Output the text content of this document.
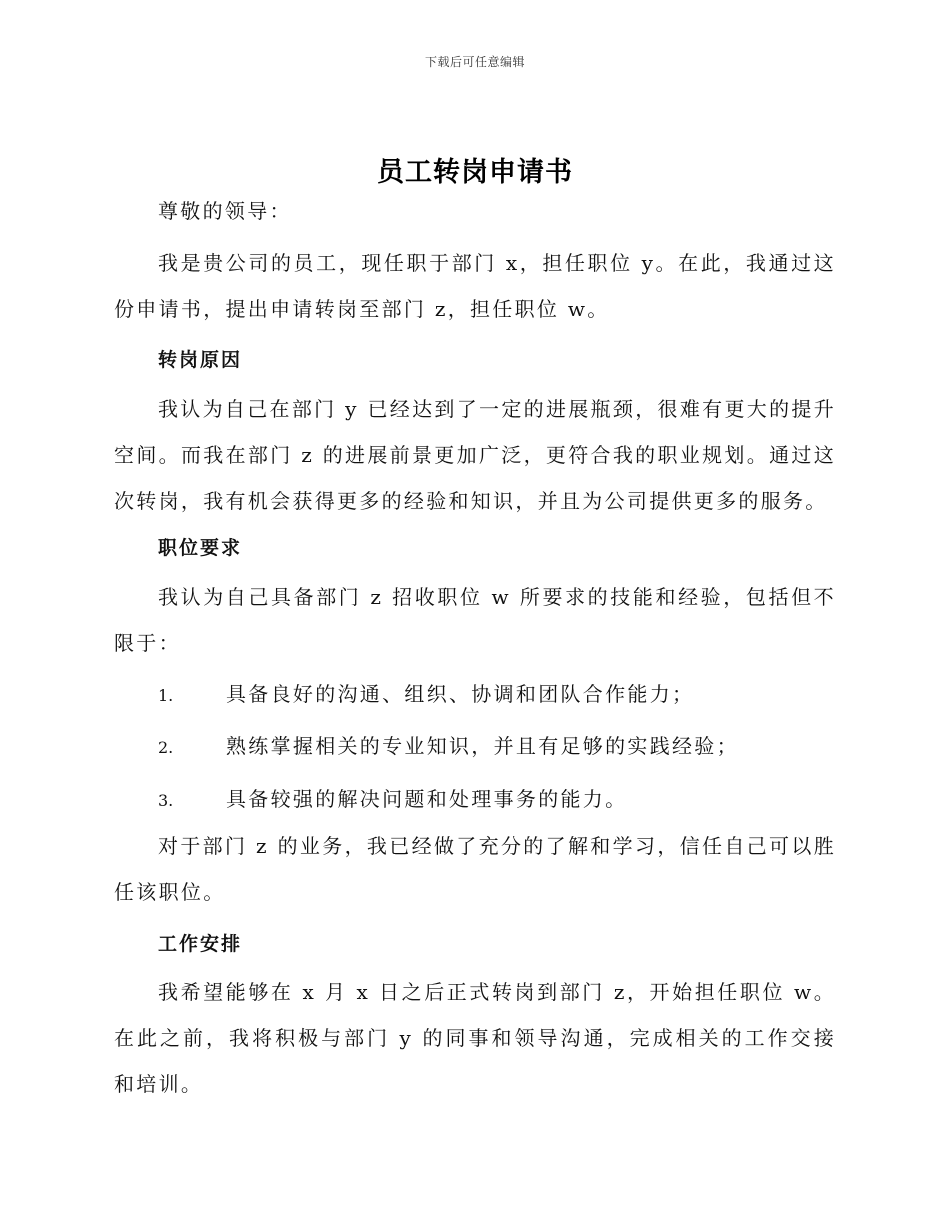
下载后可任意编辑
员工转岗申请书

尊敬的领导：

我是贵公司的员工，现任职于部门 x，担任职位 y。在此，我通过这份申请书，提出申请转岗至部门 z，担任职位 w。

转岗原因

我认为自己在部门 y 已经达到了一定的进展瓶颈，很难有更大的提升空间。而我在部门 z 的进展前景更加广泛，更符合我的职业规划。通过这次转岗，我有机会获得更多的经验和知识，并且为公司提供更多的服务。

职位要求

我认为自己具备部门 z 招收职位 w 所要求的技能和经验，包括但不限于：

1.	具备良好的沟通、组织、协调和团队合作能力；
2.	熟练掌握相关的专业知识，并且有足够的实践经验；
3.	具备较强的解决问题和处理事务的能力。

对于部门 z 的业务，我已经做了充分的了解和学习，信任自己可以胜任该职位。

工作安排

我希望能够在 x 月 x 日之后正式转岗到部门 z，开始担任职位 w。在此之前，我将积极与部门 y 的同事和领导沟通，完成相关的工作交接和培训。
